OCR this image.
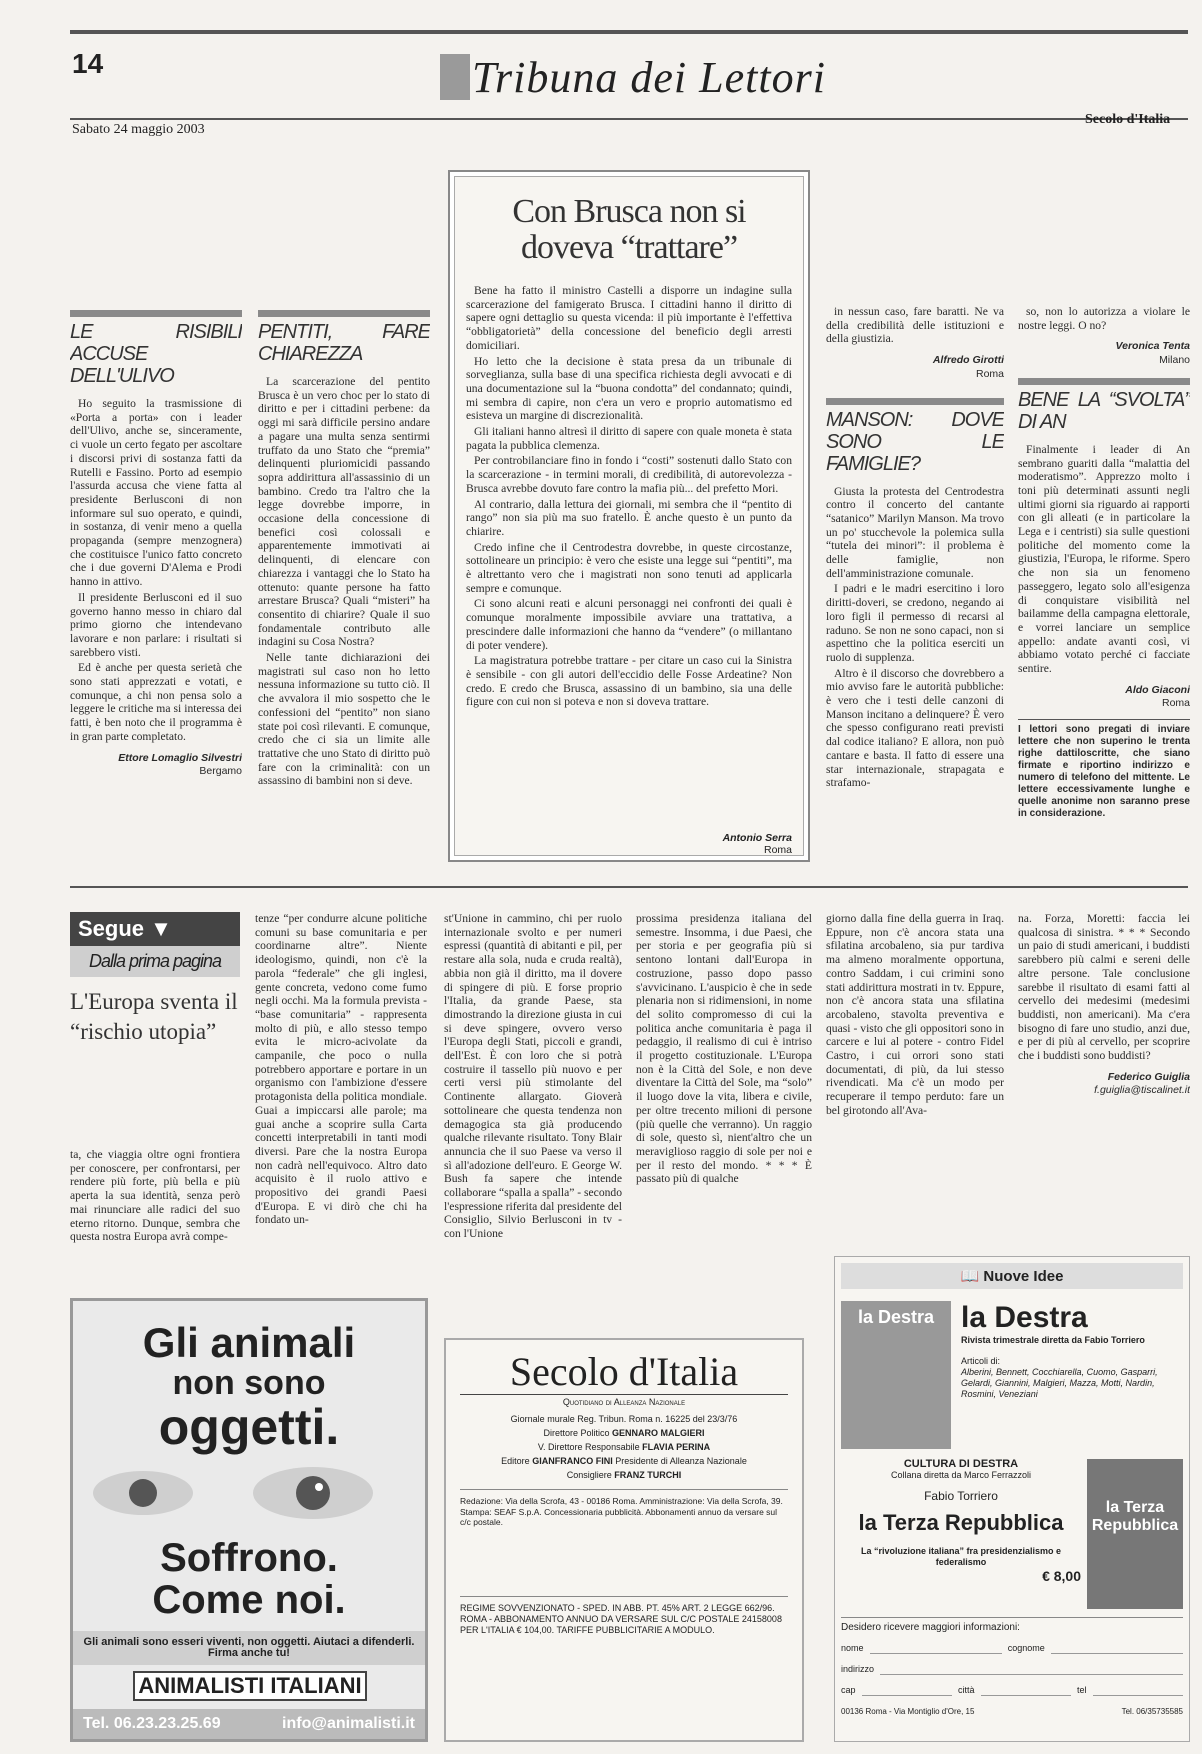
14	Tribuna dei Lettori
Sabato 24 maggio 2003
Secolo d'Italia
LE RISIBILI ACCUSE DELL'ULIVO

Ho seguito la trasmissione di «Porta a porta» con i leader dell'Ulivo, anche se, sinceramente, ci vuole un certo fegato per ascoltare i discorsi privi di sostanza fatti da Rutelli e Fassino. Porto ad esempio l'assurda accusa che viene fatta al presidente Berlusconi di non informare sul suo operato, e quindi, in sostanza, di venir meno a quella propaganda (sempre menzognera) che costituisce l'unico fatto concreto che i due governi D'Alema e Prodi hanno in attivo.

Il presidente Berlusconi ed il suo governo hanno messo in chiaro dal primo giorno che intendevano lavorare e non parlare: i risultati si sarebbero visti.

Ed è anche per questa serietà che sono stati apprezzati e votati, e comunque, a chi non pensa solo a leggere le critiche ma si interessa dei fatti, è ben noto che il programma è in gran parte completato.

Ettore Lomaglio Silvestri
Bergamo
PENTITI, FARE CHIAREZZA

La scarcerazione del pentito Brusca è un vero choc per lo stato di diritto e per i cittadini perbene: da oggi mi sarà difficile persino andare a pagare una multa senza sentirmi truffato da uno Stato che “premia” delinquenti pluriomicidi passando sopra addirittura all'assassinio di un bambino. Credo tra l'altro che la legge dovrebbe imporre, in occasione della concessione di benefici così colossali e apparentemente immotivati ai delinquenti, di elencare con chiarezza i vantaggi che lo Stato ha ottenuto: quante persone ha fatto arrestare Brusca? Quali “misteri” ha consentito di chiarire? Quale il suo fondamentale contributo alle indagini su Cosa Nostra?

Nelle tante dichiarazioni dei magistrati sul caso non ho letto nessuna informazione su tutto ciò. Il che avvalora il mio sospetto che le confessioni del “pentito” non siano state poi così rilevanti. E comunque, credo che ci sia un limite alle trattative che uno Stato di diritto può fare con la criminalità: con un assassino di bambini non si deve.

Con Brusca non si doveva “trattare”

Bene ha fatto il ministro Castelli a disporre un indagine sulla scarcerazione del famigerato Brusca. I cittadini hanno il diritto di sapere ogni dettaglio su questa vicenda: il più importante è l'effettiva “obbligatorietà” della concessione del beneficio degli arresti domiciliari.

Ho letto che la decisione è stata presa da un tribunale di sorveglianza, sulla base di una specifica richiesta degli avvocati e di una documentazione sul la “buona condotta” del condannato; quindi, mi sembra di capire, non c'era un vero e proprio automatismo ed esisteva un margine di discrezionalità.

Gli italiani hanno altresì il diritto di sapere con quale moneta è stata pagata la pubblica clemenza.

Per controbilanciare fino in fondo i “costi” sostenuti dallo Stato con la scarcerazione - in termini morali, di credibilità, di autorevolezza - Brusca avrebbe dovuto fare contro la mafia più... del prefetto Mori.

Al contrario, dalla lettura dei giornali, mi sembra che il “pentito di rango” non sia più ma suo fratello. È anche questo è un punto da chiarire.

Credo infine che il Centrodestra dovrebbe, in queste circostanze, sottolineare un principio: è vero che esiste una legge sui “pentiti”, ma è altrettanto vero che i magistrati non sono tenuti ad applicarla sempre e comunque.

Ci sono alcuni reati e alcuni personaggi nei confronti dei quali è comunque moralmente impossibile avviare una trattativa, a prescindere dalle informazioni che hanno da “vendere” (o millantano di poter vendere).

La magistratura potrebbe trattare - per citare un caso cui la Sinistra è sensibile - con gli autori dell'eccidio delle Fosse Ardeatine? Non credo. E credo che Brusca, assassino di un bambino, sia una delle figure con cui non si poteva e non si doveva trattare.

Antonio Serra
Roma

in nessun caso, fare baratti. Ne va della credibilità delle istituzioni e della giustizia.

Alfredo Girotti
Roma
MANSON: DOVE SONO LE FAMIGLIE?

Giusta la protesta del Centrodestra contro il concerto del cantante “satanico” Marilyn Manson. Ma trovo un po' stucchevole la polemica sulla “tutela dei minori”: il problema è delle famiglie, non dell'amministrazione comunale.

I padri e le madri esercitino i loro diritti-doveri, se credono, negando ai loro figli il permesso di recarsi al raduno. Se non ne sono capaci, non si aspettino che la politica eserciti un ruolo di supplenza.

Altro è il discorso che dovrebbero a mio avviso fare le autorità pubbliche: è vero che i testi delle canzoni di Manson incitano a delinquere? È vero che spesso configurano reati previsti dal codice italiano? E allora, non può cantare e basta. Il fatto di essere una star internazionale, strapagata e strafamo-

so, non lo autorizza a violare le nostre leggi. O no?

Veronica Tenta
Milano
BENE LA “SVOLTA” DI AN

Finalmente i leader di An sembrano guariti dalla “malattia del moderatismo”. Apprezzo molto i toni più determinati assunti negli ultimi giorni sia riguardo ai rapporti con gli alleati (e in particolare la Lega e i centristi) sia sulle questioni politiche del momento come la giustizia, l'Europa, le riforme. Spero che non sia un fenomeno passeggero, legato solo all'esigenza di conquistare visibilità nel bailamme della campagna elettorale, e vorrei lanciare un semplice appello: andate avanti così, vi abbiamo votato perché ci facciate sentire.

Aldo Giaconi
Roma
I lettori sono pregati di inviare lettere che non superino le trenta righe dattiloscritte, che siano firmate e riportino indirizzo e numero di telefono del mittente. Le lettere eccessivamente lunghe e quelle anonime non saranno prese in considerazione.
Segue ▼
Dalla prima pagina
L'Europa sventa il “rischio utopia”
ta, che viaggia oltre ogni frontiera per conoscere, per confrontarsi, per rendere più forte, più bella e più aperta la sua identità, senza però mai rinunciare alle radici del suo eterno ritorno. Dunque, sembra che questa nostra Europa avrà compe-
tenze “per condurre alcune politiche comuni su base comunitaria e per coordinarne altre”. Niente ideologismo, quindi, non c'è la parola “federale” che gli inglesi, gente concreta, vedono come fumo negli occhi. Ma la formula prevista - “base comunitaria” - rappresenta molto di più, e allo stesso tempo evita le micro-acivolate da campanile, che poco o nulla potrebbero apportare e portare in un organismo con l'ambizione d'essere protagonista della politica mondiale. Guai a impiccarsi alle parole; ma guai anche a scoprire sulla Carta concetti interpretabili in tanti modi diversi. Pare che la nostra Europa non cadrà nell'equivoco. Altro dato acquisito è il ruolo attivo e propositivo dei grandi Paesi d'Europa. E vi dirò che chi ha fondato un-
st'Unione in cammino, chi per ruolo internazionale svolto e per numeri espressi (quantità di abitanti e pil, per restare alla sola, nuda e cruda realtà), abbia non già il diritto, ma il dovere di spingere di più. E forse proprio l'Italia, da grande Paese, sta dimostrando la direzione giusta in cui si deve spingere, ovvero verso l'Europa degli Stati, piccoli e grandi, dell'Est. È con loro che si potrà costruire il tassello più nuovo e per certi versi più stimolante del Continente allargato. Gioverà sottolineare che questa tendenza non demagogica sta già producendo qualche rilevante risultato. Tony Blair annuncia che il suo Paese va verso il sì all'adozione dell'euro. E George W. Bush fa sapere che intende collaborare “spalla a spalla” - secondo l'espressione riferita dal presidente del Consiglio, Silvio Berlusconi in tv - con l'Unione
prossima presidenza italiana del semestre. Insomma, i due Paesi, che per storia e per geografia più si sentono lontani dall'Europa in costruzione, passo dopo passo s'avvicinano. L'auspicio è che in sede plenaria non si ridimensioni, in nome del solito compromesso di cui la politica anche comunitaria è paga il pedaggio, il realismo di cui è intriso il progetto costituzionale. L'Europa non è la Città del Sole, e non deve diventare la Città del Sole, ma “solo” il luogo dove la vita, libera e civile, per oltre trecento milioni di persone (più quelle che verranno). Un raggio di sole, questo sì, nient'altro che un meraviglioso raggio di sole per noi e per il resto del mondo. * * * È passato più di qualche
giorno dalla fine della guerra in Iraq. Eppure, non c'è ancora stata una sfilatina arcobaleno, sia pur tardiva ma almeno moralmente opportuna, contro Saddam, i cui crimini sono stati addirittura mostrati in tv. Eppure, non c'è ancora stata una sfilatina arcobaleno, stavolta preventiva e quasi - visto che gli oppositori sono in carcere e lui al potere - contro Fidel Castro, i cui orrori sono stati documentati, di più, da lui stesso rivendicati. Ma c'è un modo per recuperare il tempo perduto: fare un bel girotondo all'Ava-
na. Forza, Moretti: faccia lei qualcosa di sinistra. * * * Secondo un paio di studi americani, i buddisti sarebbero più calmi e sereni delle altre persone. Tale conclusione sarebbe il risultato di esami fatti al cervello dei medesimi (medesimi buddisti, non americani). Ma c'era bisogno di fare uno studio, anzi due, e per di più al cervello, per scoprire che i buddisti sono buddisti?
Federico Guiglia
f.guiglia@tiscalinet.it
Gli animali
non sono
oggetti.
Soffrono.
Come noi.
Gli animali sono esseri viventi, non oggetti. Aiutaci a difenderli. Firma anche tu!
ANIMALISTI ITALIANI
Tel. 06.23.23.25.69	info@animalisti.it
Secolo d'Italia
Quotidiano di Alleanza Nazionale
Giornale murale Reg. Tribun. Roma n. 16225 del 23/3/76
Direttore Politico GENNARO MALGIERI
V. Direttore Responsabile FLAVIA PERINA
Editore GIANFRANCO FINI Presidente di Alleanza Nazionale
Consigliere FRANZ TURCHI
Redazione: Via della Scrofa, 43 - 00186 Roma. Amministrazione: Via della Scrofa, 39. Stampa: SEAF S.p.A. Concessionaria pubblicità. Abbonamenti annuo da versare sul c/c postale.
REGIME SOVVENZIONATO - SPED. IN ABB. PT. 45% ART. 2 LEGGE 662/96. ROMA - ABBONAMENTO ANNUO DA VERSARE SUL C/C POSTALE 24158008 PER L'ITALIA € 104,00. TARIFFE PUBBLICITARIE A MODULO.
📖 Nuove Idee
la Destra la Destra
Rivista trimestrale diretta da Fabio Torriero
Articoli di:
Alberini, Bennett, Cocchiarella, Cuomo, Gasparri, Gelardi, Giannini, Malgieri, Mazza, Motti, Nardin, Rosmini, Veneziani
CULTURA DI DESTRA
Collana diretta da Marco Ferrazzoli
Fabio Torriero
la Terza Repubblica
La “rivoluzione italiana” fra presidenzialismo e federalismo
€ 8,00
la Terza Repubblica
Desidero ricevere maggiori informazioni:
nome	cognome
indirizzo
cap	città	tel
00136 Roma - Via Montiglio d'Ore, 15	Tel. 06/35735585
